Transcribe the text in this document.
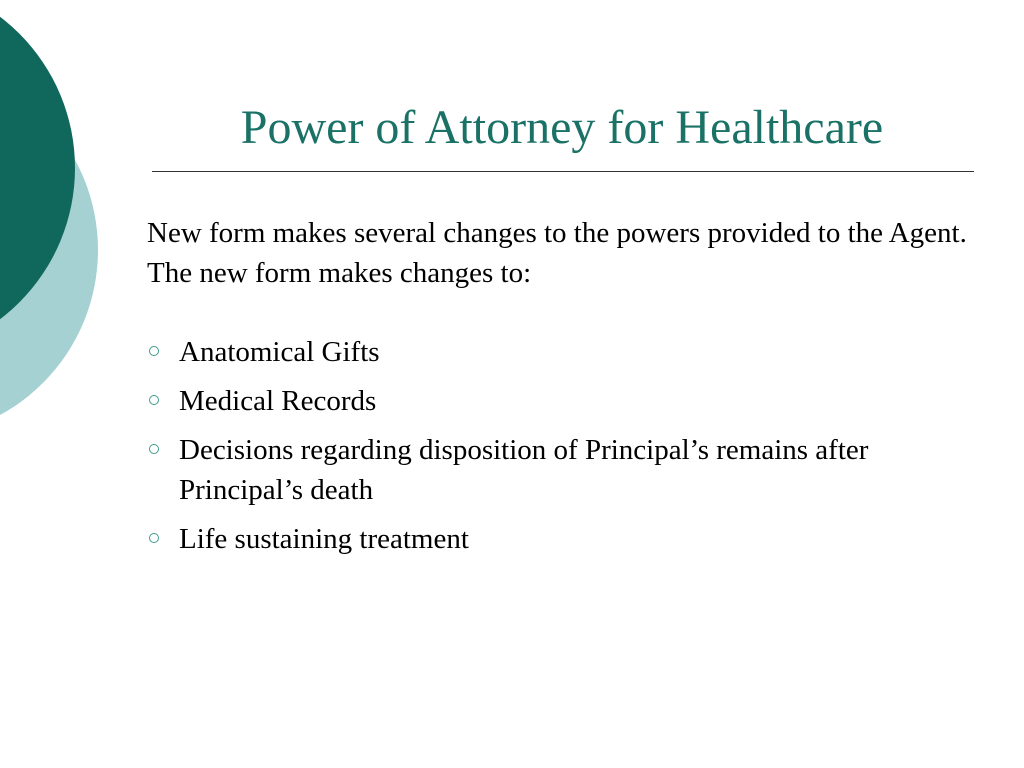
Power of Attorney for Healthcare

New form makes several changes to the powers provided to the Agent. The new form makes changes to:

Anatomical Gifts
Medical Records
Decisions regarding disposition of Principal’s remains after Principal’s death
Life sustaining treatment
